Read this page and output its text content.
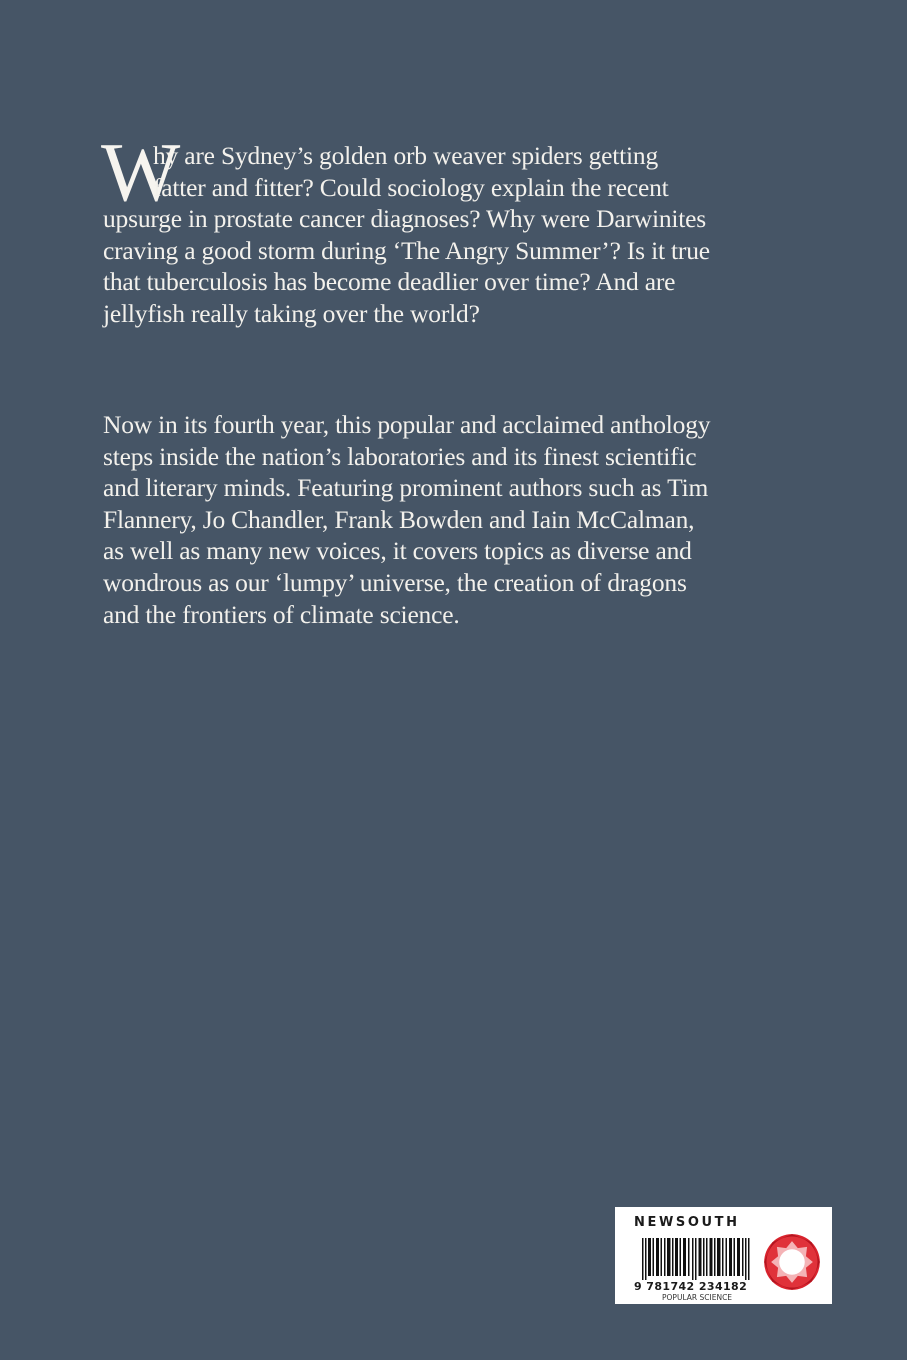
W
hy are Sydney’s golden orb weaver spiders getting
fatter and fitter? Could sociology explain the recent
upsurge in prostate cancer diagnoses? Why were Darwinites
craving a good storm during ‘The Angry Summer’? Is it true
that tuberculosis has become deadlier over time? And are
jellyfish really taking over the world?
Now in its fourth year, this popular and acclaimed anthology
steps inside the nation’s laboratories and its finest scientific
and literary minds. Featuring prominent authors such as Tim
Flannery, Jo Chandler, Frank Bowden and Iain McCalman,
as well as many new voices, it covers topics as diverse and
wondrous as our ‘lumpy’ universe, the creation of dragons
and the frontiers of climate science.
NEWSOUTH
9 781742 234182
POPULAR SCIENCE
